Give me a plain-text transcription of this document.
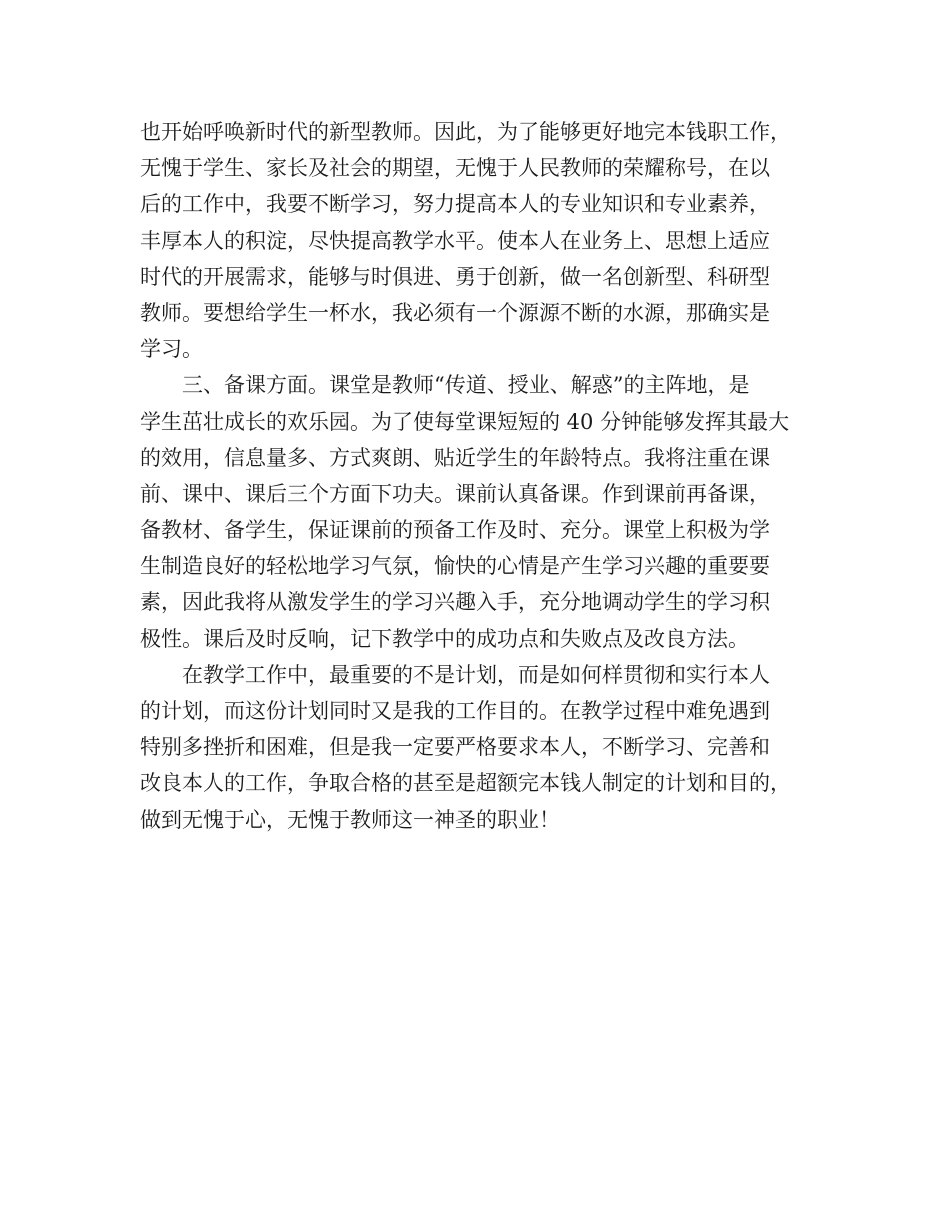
也开始呼唤新时代的新型教师。因此，为了能够更好地完本钱职工作，
无愧于学生、家长及社会的期望，无愧于人民教师的荣耀称号，在以
后的工作中，我要不断学习，努力提高本人的专业知识和专业素养，
丰厚本人的积淀，尽快提高教学水平。使本人在业务上、思想上适应
时代的开展需求，能够与时俱进、勇于创新，做一名创新型、科研型
教师。要想给学生一杯水，我必须有一个源源不断的水源，那确实是
学习。
三、备课方面。课堂是教师“传道、授业、解惑”的主阵地，是
学生茁壮成长的欢乐园。为了使每堂课短短的 40 分钟能够发挥其最大
的效用，信息量多、方式爽朗、贴近学生的年龄特点。我将注重在课
前、课中、课后三个方面下功夫。课前认真备课。作到课前再备课，
备教材、备学生，保证课前的预备工作及时、充分。课堂上积极为学
生制造良好的轻松地学习气氛，愉快的心情是产生学习兴趣的重要要
素，因此我将从激发学生的学习兴趣入手，充分地调动学生的学习积
极性。课后及时反响，记下教学中的成功点和失败点及改良方法。
在教学工作中，最重要的不是计划，而是如何样贯彻和实行本人
的计划，而这份计划同时又是我的工作目的。在教学过程中难免遇到
特别多挫折和困难，但是我一定要严格要求本人，不断学习、完善和
改良本人的工作，争取合格的甚至是超额完本钱人制定的计划和目的，
做到无愧于心，无愧于教师这一神圣的职业！
